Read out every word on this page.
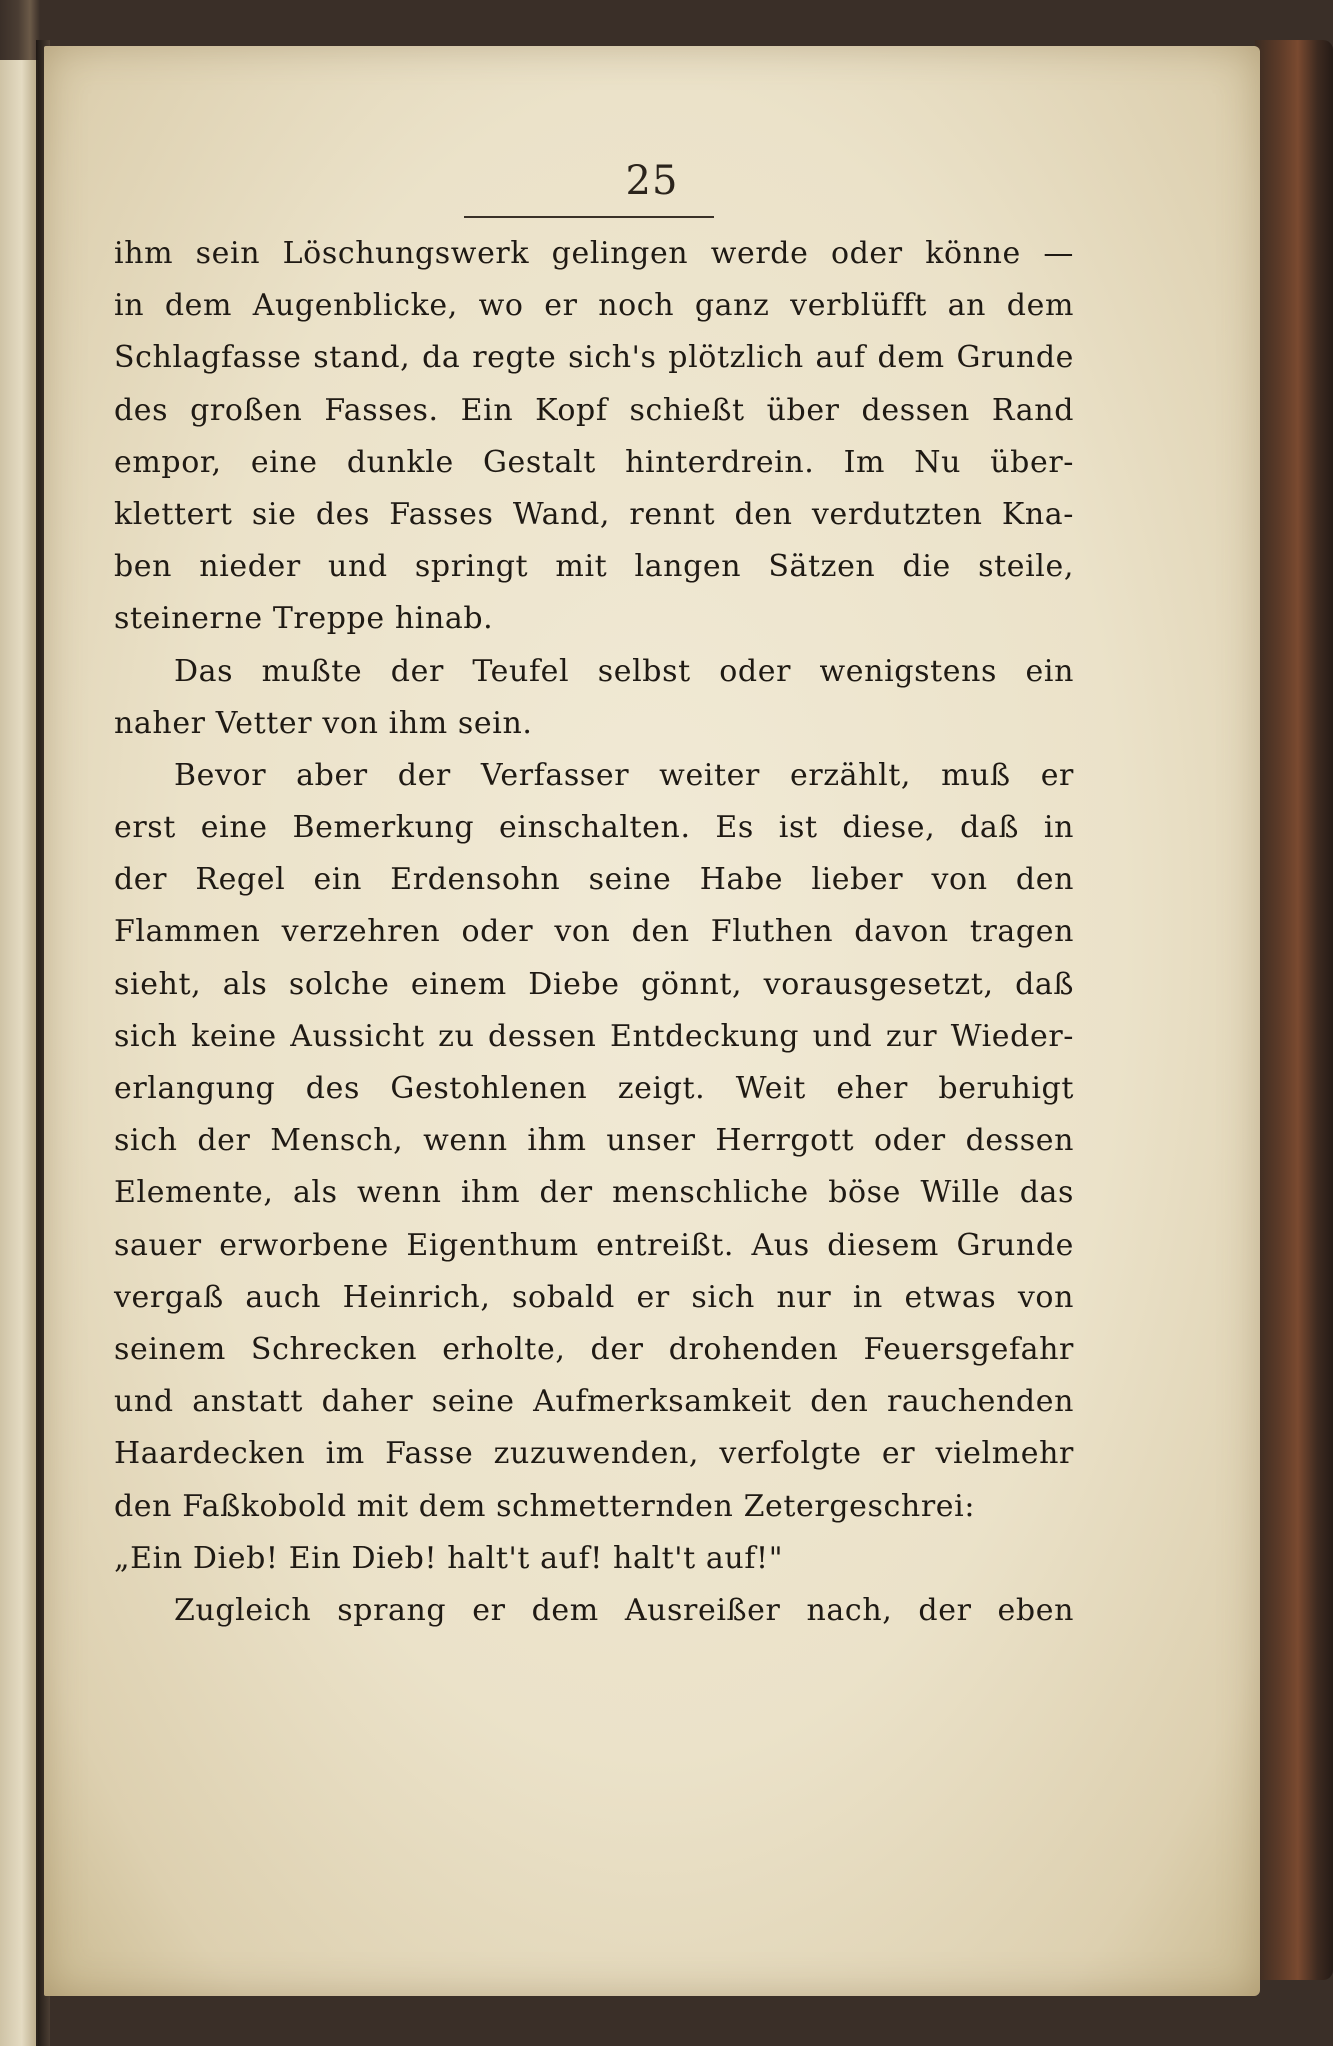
25
ihm sein Löschungswerk gelingen werde oder könne —
in dem Augenblicke, wo er noch ganz verblüfft an dem
Schlagfasse stand, da regte sich's plötzlich auf dem Grunde
des großen Fasses. Ein Kopf schießt über dessen Rand
empor, eine dunkle Gestalt hinterdrein. Im Nu über-
klettert sie des Fasses Wand, rennt den verdutzten Kna-
ben nieder und springt mit langen Sätzen die steile,
steinerne Treppe hinab.
Das mußte der Teufel selbst oder wenigstens ein
naher Vetter von ihm sein.
Bevor aber der Verfasser weiter erzählt, muß er
erst eine Bemerkung einschalten. Es ist diese, daß in
der Regel ein Erdensohn seine Habe lieber von den
Flammen verzehren oder von den Fluthen davon tragen
sieht, als solche einem Diebe gönnt, vorausgesetzt, daß
sich keine Aussicht zu dessen Entdeckung und zur Wieder-
erlangung des Gestohlenen zeigt. Weit eher beruhigt
sich der Mensch, wenn ihm unser Herrgott oder dessen
Elemente, als wenn ihm der menschliche böse Wille das
sauer erworbene Eigenthum entreißt. Aus diesem Grunde
vergaß auch Heinrich, sobald er sich nur in etwas von
seinem Schrecken erholte, der drohenden Feuersgefahr
und anstatt daher seine Aufmerksamkeit den rauchenden
Haardecken im Fasse zuzuwenden, verfolgte er vielmehr
den Faßkobold mit dem schmetternden Zetergeschrei:
„Ein Dieb! Ein Dieb! halt't auf! halt't auf!"
Zugleich sprang er dem Ausreißer nach, der eben
